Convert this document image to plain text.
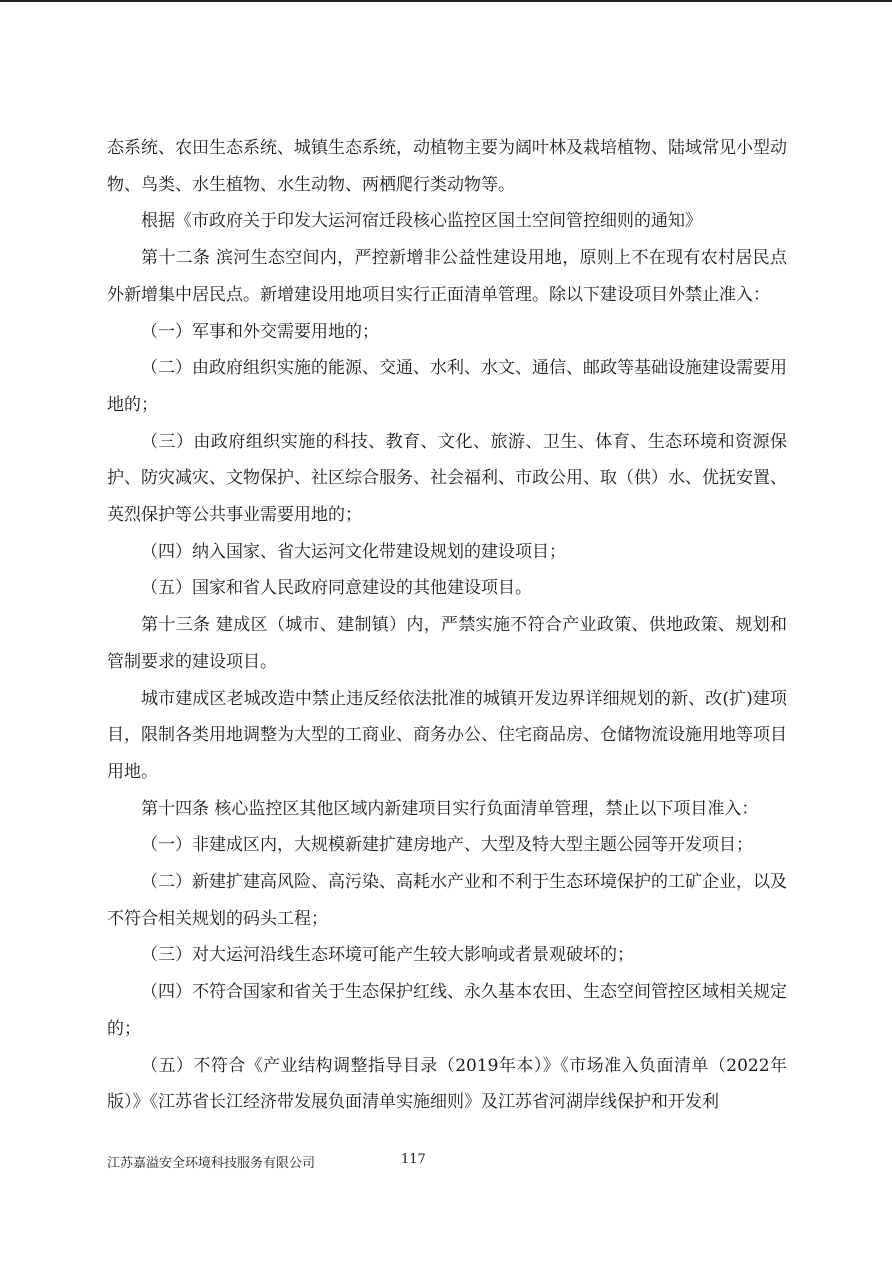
态系统、农田生态系统、城镇生态系统，动植物主要为阔叶林及栽培植物、陆域常见小型动物、鸟类、水生植物、水生动物、两栖爬行类动物等。

根据《市政府关于印发大运河宿迁段核心监控区国土空间管控细则的通知》

第十二条 滨河生态空间内，严控新增非公益性建设用地，原则上不在现有农村居民点外新增集中居民点。新增建设用地项目实行正面清单管理。除以下建设项目外禁止准入：

（一）军事和外交需要用地的；

（二）由政府组织实施的能源、交通、水利、水文、通信、邮政等基础设施建设需要用地的；

（三）由政府组织实施的科技、教育、文化、旅游、卫生、体育、生态环境和资源保护、防灾减灾、文物保护、社区综合服务、社会福利、市政公用、取（供）水、优抚安置、英烈保护等公共事业需要用地的；

（四）纳入国家、省大运河文化带建设规划的建设项目；

（五）国家和省人民政府同意建设的其他建设项目。

第十三条 建成区（城市、建制镇）内，严禁实施不符合产业政策、供地政策、规划和管制要求的建设项目。

城市建成区老城改造中禁止违反经依法批准的城镇开发边界详细规划的新、改(扩)建项目，限制各类用地调整为大型的工商业、商务办公、住宅商品房、仓储物流设施用地等项目用地。

第十四条 核心监控区其他区域内新建项目实行负面清单管理，禁止以下项目准入：

（一）非建成区内，大规模新建扩建房地产、大型及特大型主题公园等开发项目；

（二）新建扩建高风险、高污染、高耗水产业和不利于生态环境保护的工矿企业，以及不符合相关规划的码头工程；

（三）对大运河沿线生态环境可能产生较大影响或者景观破坏的；

（四）不符合国家和省关于生态保护红线、永久基本农田、生态空间管控区域相关规定的；

（五）不符合《产业结构调整指导目录（2019年本）》《市场准入负面清单（2022年版）》《江苏省长江经济带发展负面清单实施细则》及江苏省河湖岸线保护和开发利

江苏嘉溢安全环境科技服务有限公司	117
